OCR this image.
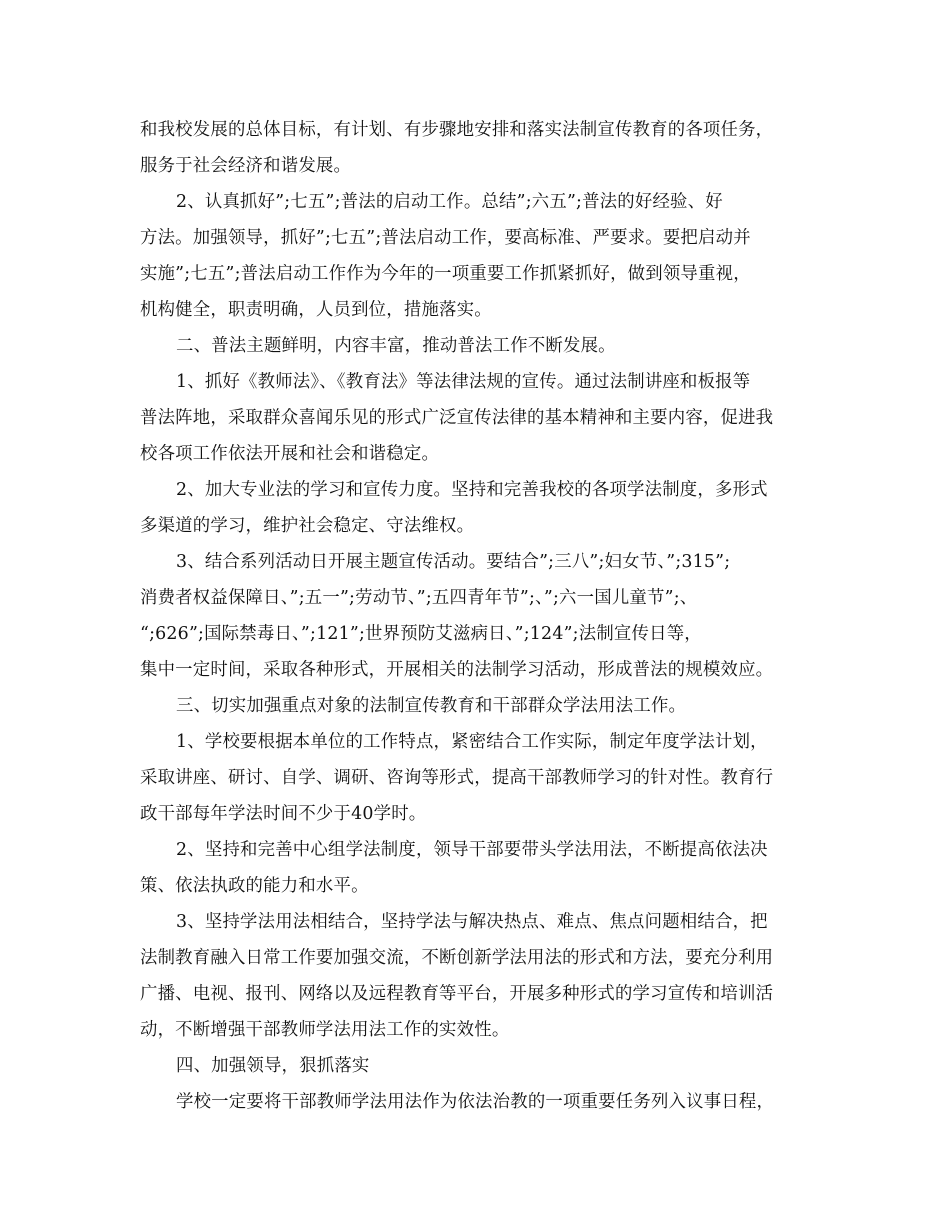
和我校发展的总体目标，有计划、有步骤地安排和落实法制宣传教育的各项任务，
服务于社会经济和谐发展。
2、认真抓好”;七五”;普法的启动工作。总结”;六五”;普法的好经验、好
方法。加强领导，抓好”;七五”;普法启动工作，要高标准、严要求。要把启动并
实施”;七五”;普法启动工作作为今年的一项重要工作抓紧抓好，做到领导重视，
机构健全，职责明确，人员到位，措施落实。
二、普法主题鲜明，内容丰富，推动普法工作不断发展。
1、抓好《教师法》、《教育法》等法律法规的宣传。通过法制讲座和板报等
普法阵地，采取群众喜闻乐见的形式广泛宣传法律的基本精神和主要内容，促进我
校各项工作依法开展和社会和谐稳定。
2、加大专业法的学习和宣传力度。坚持和完善我校的各项学法制度，多形式
多渠道的学习，维护社会稳定、守法维权。
3、结合系列活动日开展主题宣传活动。要结合”;三八”;妇女节、”;315”;
消费者权益保障日、”;五一”;劳动节、”;五四青年节”;、”;六一国儿童节”;、
“;626”;国际禁毒日、”;121”;世界预防艾滋病日、”;124”;法制宣传日等，
集中一定时间，采取各种形式，开展相关的法制学习活动，形成普法的规模效应。
三、切实加强重点对象的法制宣传教育和干部群众学法用法工作。
1、学校要根据本单位的工作特点，紧密结合工作实际，制定年度学法计划，
采取讲座、研讨、自学、调研、咨询等形式，提高干部教师学习的针对性。教育行
政干部每年学法时间不少于40学时。
2、坚持和完善中心组学法制度，领导干部要带头学法用法，不断提高依法决
策、依法执政的能力和水平。
3、坚持学法用法相结合，坚持学法与解决热点、难点、焦点问题相结合，把
法制教育融入日常工作要加强交流，不断创新学法用法的形式和方法，要充分利用
广播、电视、报刊、网络以及远程教育等平台，开展多种形式的学习宣传和培训活
动，不断增强干部教师学法用法工作的实效性。
四、加强领导，狠抓落实
学校一定要将干部教师学法用法作为依法治教的一项重要任务列入议事日程，
